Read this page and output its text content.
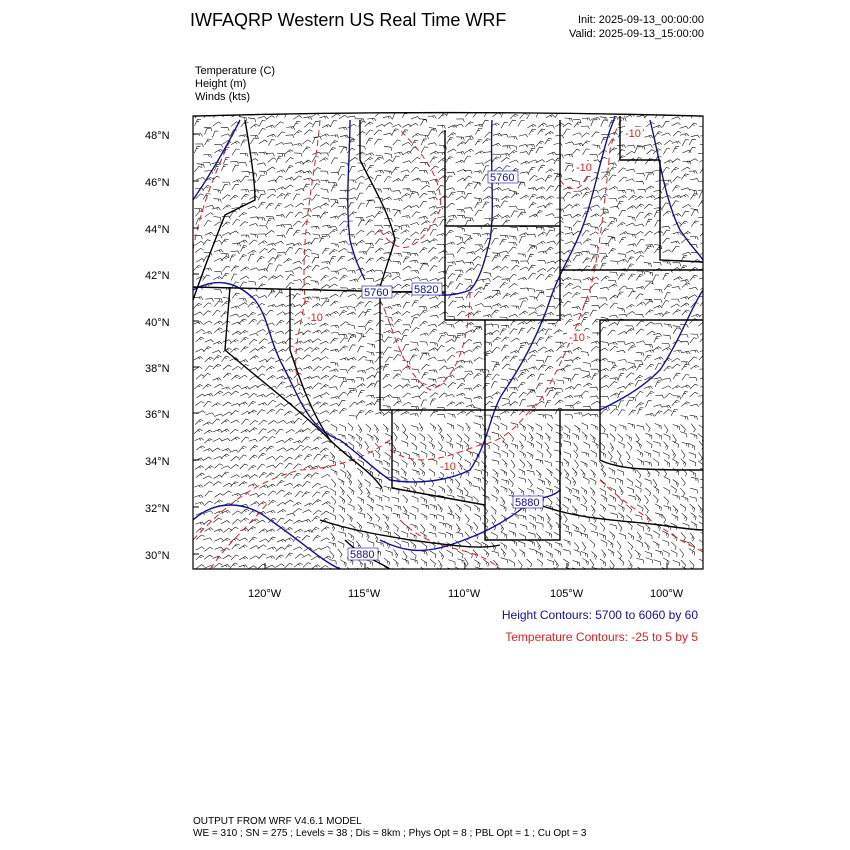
IWFAQRP Western US Real Time WRF	Init: 2025-09-13_00:00:00
Valid: 2025-09-13_15:00:00
Temperature (C)
Height (m)
Winds (kts)
48°N
46°N
44°N
42°N
40°N
38°N
36°N
34°N
32°N
30°N
120°W	115°W	110°W	105°W	100°W
5760
5760 5820
5880
5880
-10
-10
-10
-10
-10
Height Contours: 5700 to 6060 by 60
Temperature Contours: -25 to 5 by 5
OUTPUT FROM WRF V4.6.1 MODEL
WE = 310 ; SN = 275 ; Levels = 38 ; Dis = 8km ; Phys Opt = 8 ; PBL Opt = 1 ; Cu Opt = 3
